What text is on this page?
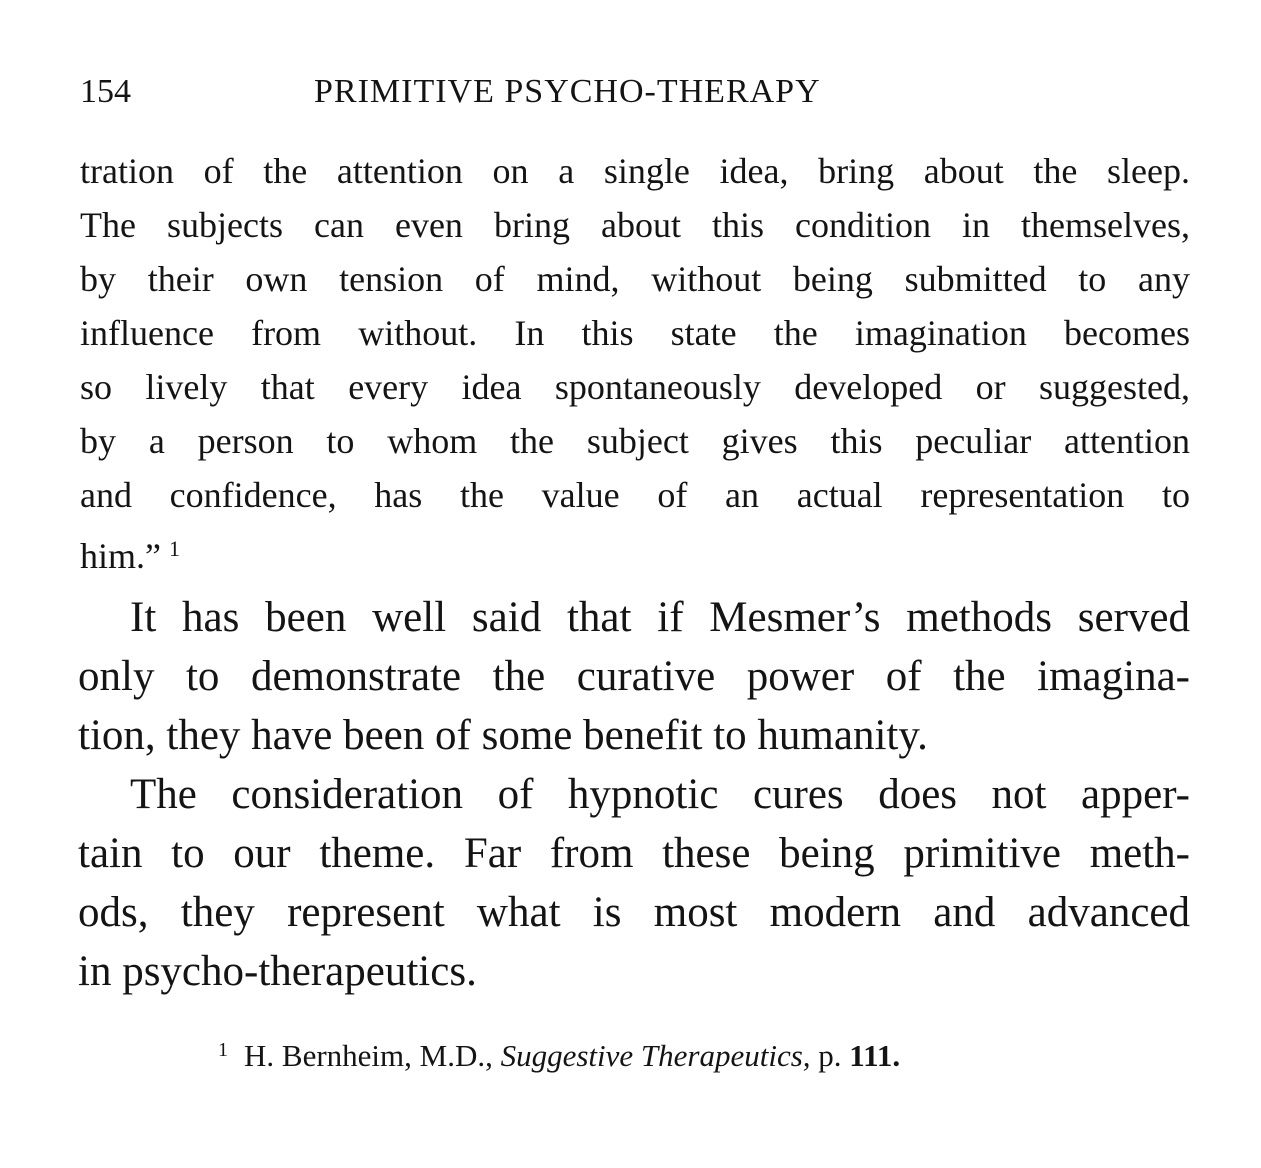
154	PRIMITIVE PSYCHO-THERAPY
tration of the attention on a single idea, bring about the sleep.
The subjects can even bring about this condition in themselves,
by their own tension of mind, without being submitted to any
influence from without. In this state the imagination becomes
so lively that every idea spontaneously developed or suggested,
by a person to whom the subject gives this peculiar attention
and confidence, has the value of an actual representation to
him.” $^1$
It has been well said that if Mesmer’s methods served
only to demonstrate the curative power of the imagina-
tion, they have been of some benefit to humanity.
The consideration of hypnotic cures does not apper-
tain to our theme. Far from these being primitive meth-
ods, they represent what is most modern and advanced
in psycho-therapeutics.
$^1$ H. Bernheim, M.D., Suggestive Therapeutics, p. 111.
